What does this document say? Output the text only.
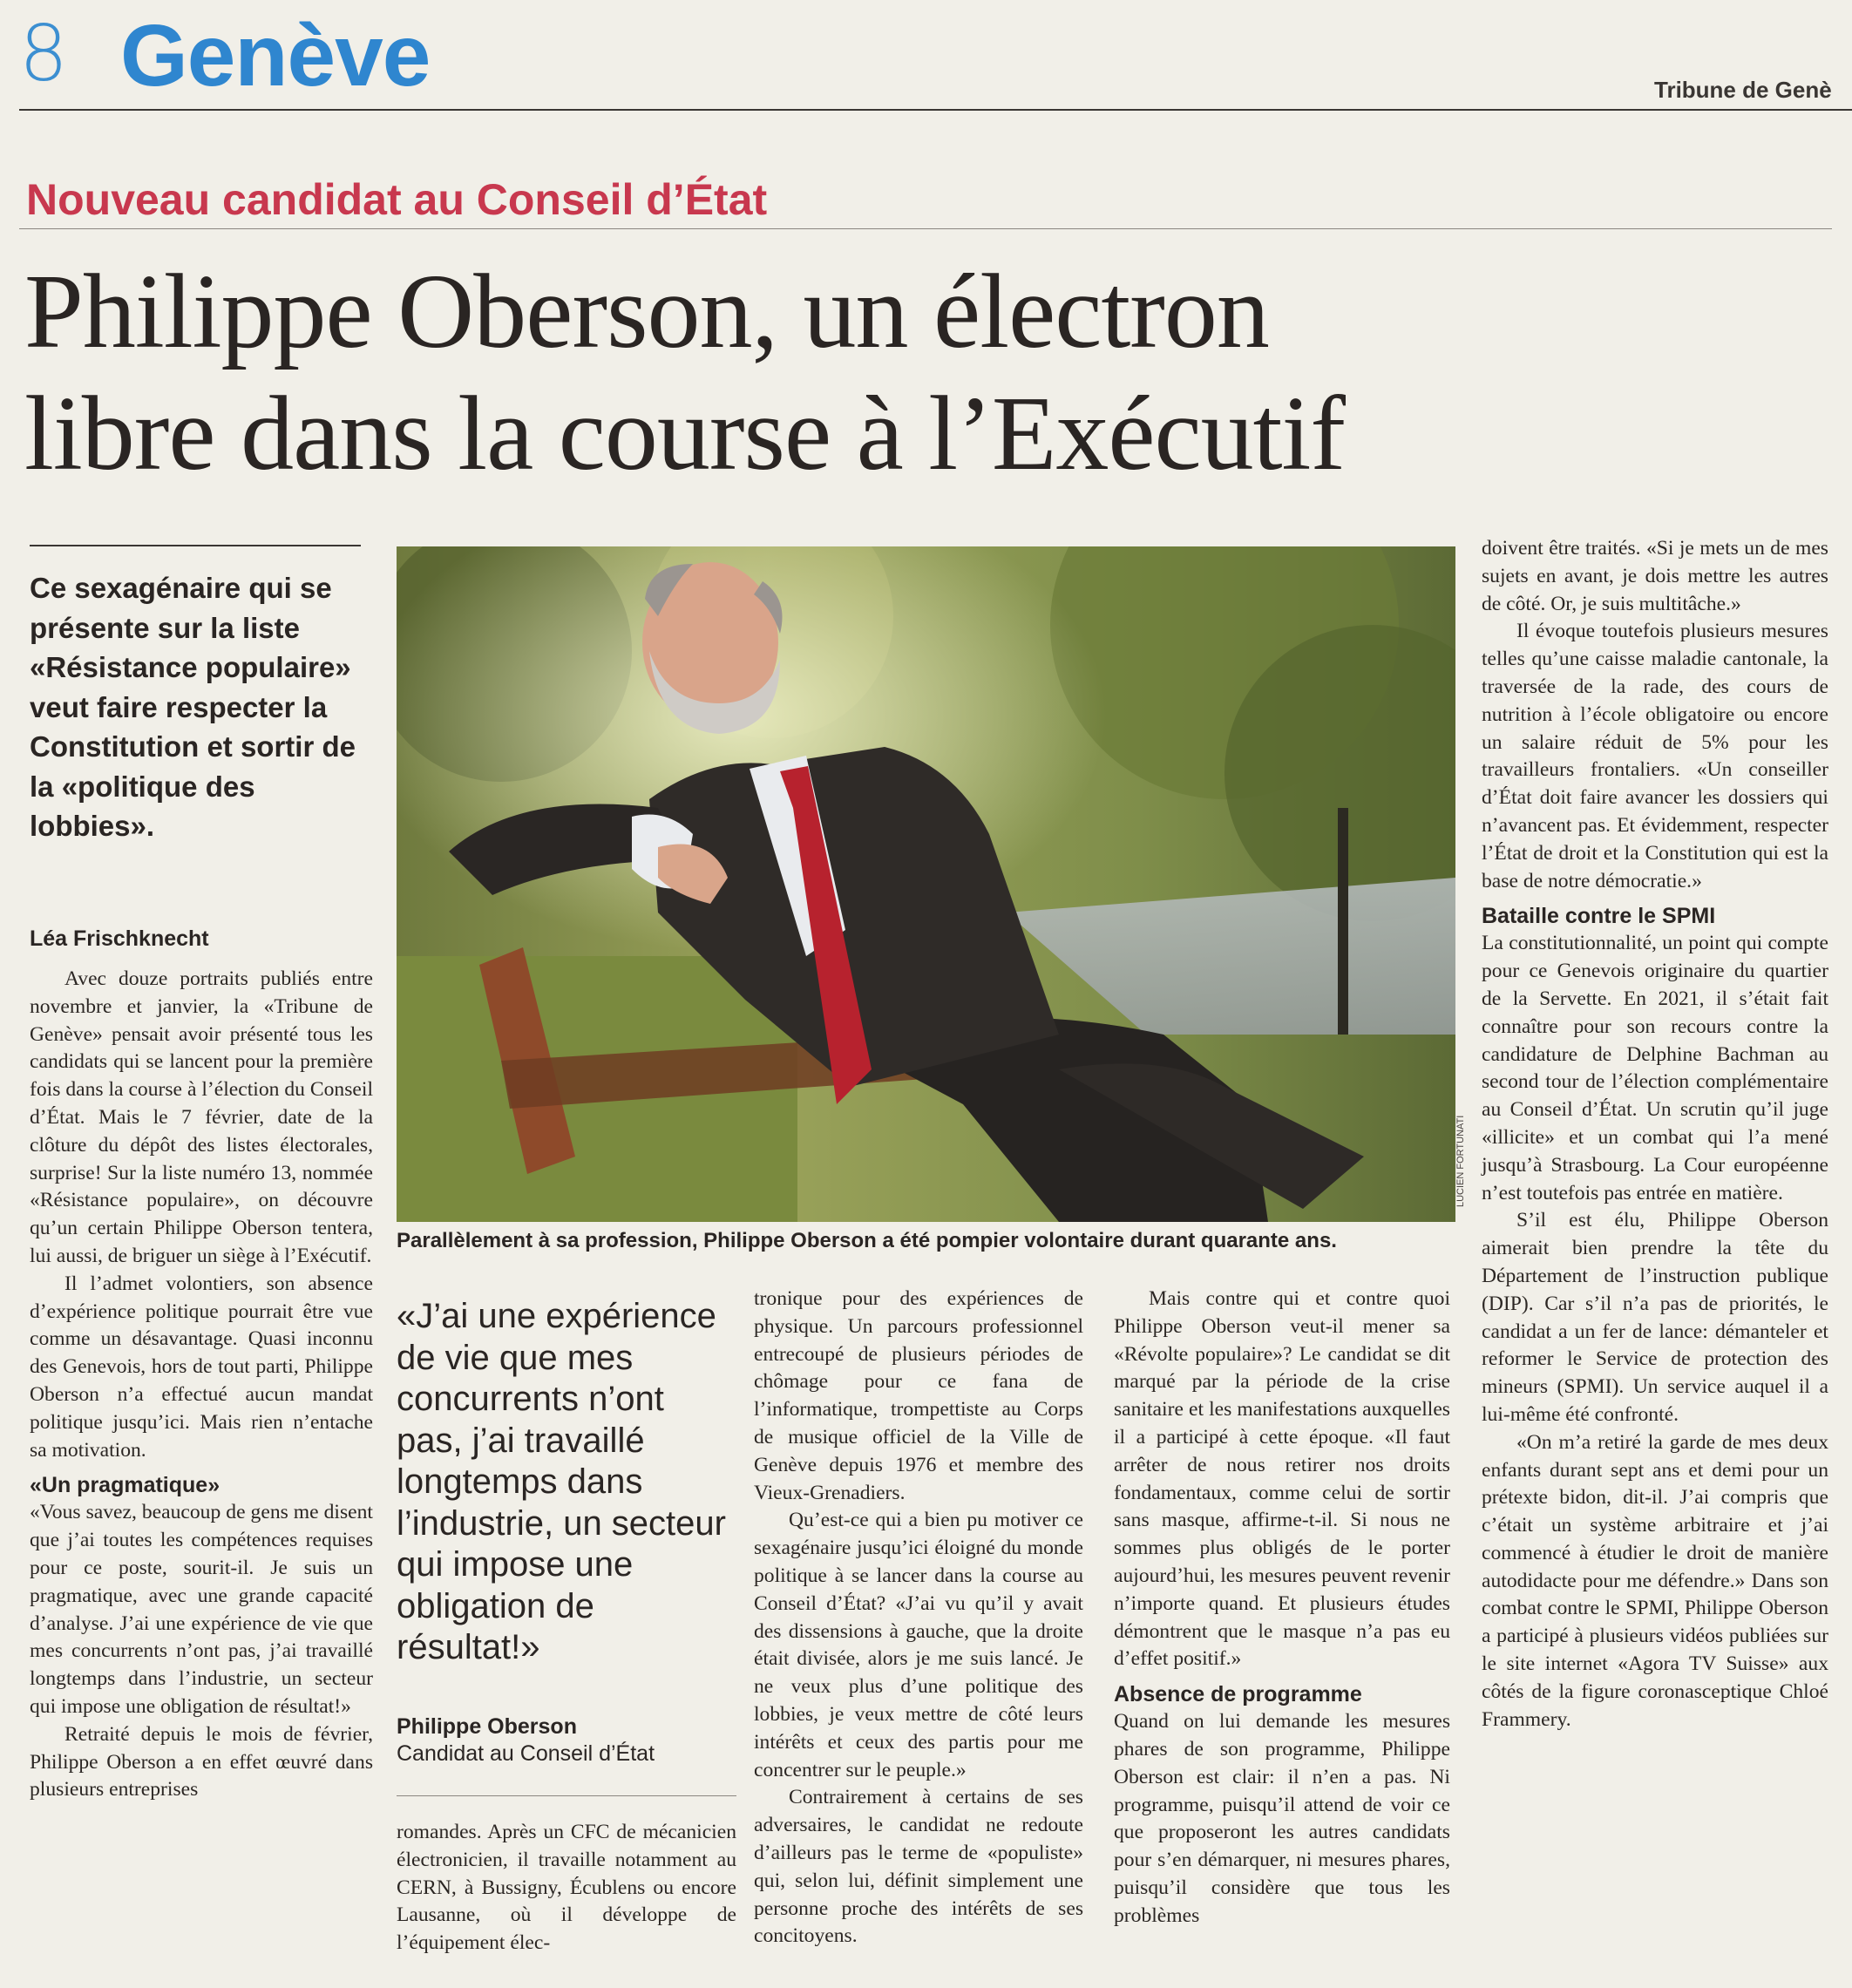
8 Genève	Tribune de Genè
Nouveau candidat au Conseil d’État
Philippe Oberson, un électron
libre dans la course à l’Exécutif
Ce sexagénaire qui se présente sur la liste «Résistance populaire» veut faire respecter la Constitution et sortir de la «politique des lobbies».
Léa Frischknecht
LUCIEN FORTUNATI
Parallèlement à sa profession, Philippe Oberson a été pompier volontaire durant quarante ans.

Avec douze portraits publiés entre novembre et janvier, la «Tribune de Genève» pensait avoir présenté tous les candidats qui se lancent pour la première fois dans la course à l’élection du Conseil d’État. Mais le 7 février, date de la clôture du dépôt des listes électorales, surprise! Sur la liste numéro 13, nommée «Résistance populaire», on découvre qu’un certain Philippe Oberson tentera, lui aussi, de briguer un siège à l’Exécutif.

Il l’admet volontiers, son absence d’expérience politique pourrait être vue comme un désavantage. Quasi inconnu des Genevois, hors de tout parti, Philippe Oberson n’a effectué aucun mandat politique jusqu’ici. Mais rien n’entache sa motivation.

«Un pragmatique»

«Vous savez, beaucoup de gens me disent que j’ai toutes les compétences requises pour ce poste, sourit-il. Je suis un pragmatique, avec une grande capacité d’analyse. J’ai une expérience de vie que mes concurrents n’ont pas, j’ai travaillé longtemps dans l’industrie, un secteur qui impose une obligation de résultat!»

Retraité depuis le mois de février, Philippe Oberson a en effet œuvré dans plusieurs entreprises

«J’ai une expérience de vie que mes concurrents n’ont pas, j’ai travaillé longtemps dans l’industrie, un secteur qui impose une obligation de résultat!»
Philippe Oberson
Candidat au Conseil d’État

romandes. Après un CFC de mécanicien électronicien, il travaille notamment au CERN, à Bussigny, Écublens ou encore Lausanne, où il développe de l’équipement élec-

tronique pour des expériences de physique. Un parcours professionnel entrecoupé de plusieurs périodes de chômage pour ce fana de l’informatique, trompettiste au Corps de musique officiel de la Ville de Genève depuis 1976 et membre des Vieux-Grenadiers.

Qu’est-ce qui a bien pu motiver ce sexagénaire jusqu’ici éloigné du monde politique à se lancer dans la course au Conseil d’État? «J’ai vu qu’il y avait des dissensions à gauche, que la droite était divisée, alors je me suis lancé. Je ne veux plus d’une politique des lobbies, je veux mettre de côté leurs intérêts et ceux des partis pour me concentrer sur le peuple.»

Contrairement à certains de ses adversaires, le candidat ne redoute d’ailleurs pas le terme de «populiste» qui, selon lui, définit simplement une personne proche des intérêts de ses concitoyens.

Mais contre qui et contre quoi Philippe Oberson veut-il mener sa «Révolte populaire»? Le candidat se dit marqué par la période de la crise sanitaire et les manifestations auxquelles il a participé à cette époque. «Il faut arrêter de nous retirer nos droits fondamentaux, comme celui de sortir sans masque, affirme-t-il. Si nous ne sommes plus obligés de le porter aujourd’hui, les mesures peuvent revenir n’importe quand. Et plusieurs études démontrent que le masque n’a pas eu d’effet positif.»

Absence de programme

Quand on lui demande les mesures phares de son programme, Philippe Oberson est clair: il n’en a pas. Ni programme, puisqu’il attend de voir ce que proposeront les autres candidats pour s’en démarquer, ni mesures phares, puisqu’il considère que tous les problèmes

doivent être traités. «Si je mets un de mes sujets en avant, je dois mettre les autres de côté. Or, je suis multitâche.»

Il évoque toutefois plusieurs mesures telles qu’une caisse maladie cantonale, la traversée de la rade, des cours de nutrition à l’école obligatoire ou encore un salaire réduit de 5% pour les travailleurs frontaliers. «Un conseiller d’État doit faire avancer les dossiers qui n’avancent pas. Et évidemment, respecter l’État de droit et la Constitution qui est la base de notre démocratie.»

Bataille contre le SPMI

La constitutionnalité, un point qui compte pour ce Genevois originaire du quartier de la Servette. En 2021, il s’était fait connaître pour son recours contre la candidature de Delphine Bachman au second tour de l’élection complémentaire au Conseil d’État. Un scrutin qu’il juge «illicite» et un combat qui l’a mené jusqu’à Strasbourg. La Cour européenne n’est toutefois pas entrée en matière.

S’il est élu, Philippe Oberson aimerait bien prendre la tête du Département de l’instruction publique (DIP). Car s’il n’a pas de priorités, le candidat a un fer de lance: démanteler et reformer le Service de protection des mineurs (SPMI). Un service auquel il a lui-même été confronté.

«On m’a retiré la garde de mes deux enfants durant sept ans et demi pour un prétexte bidon, dit-il. J’ai compris que c’était un système arbitraire et j’ai commencé à étudier le droit de manière autodidacte pour me défendre.» Dans son combat contre le SPMI, Philippe Oberson a participé à plusieurs vidéos publiées sur le site internet «Agora TV Suisse» aux côtés de la figure coronasceptique Chloé Frammery.
